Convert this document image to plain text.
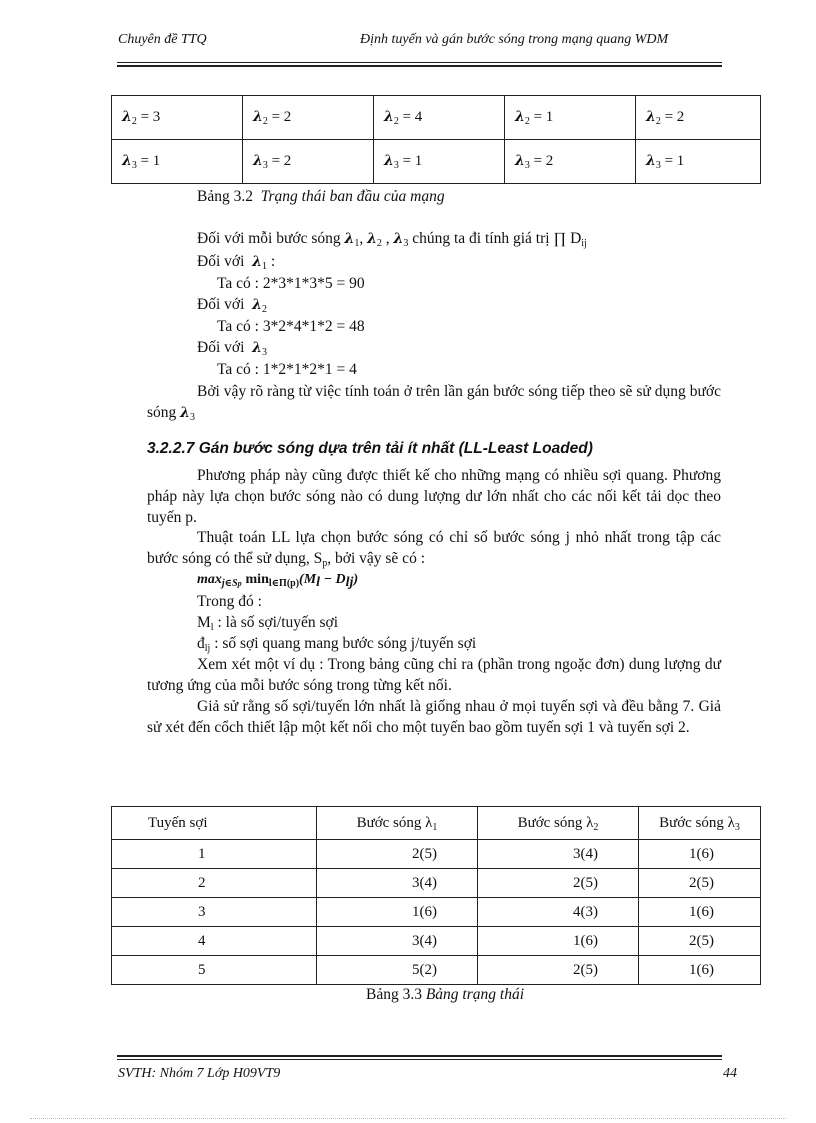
Chuyên đề TTQ	Định tuyến và gán bước sóng trong mạng quang WDM
$\lambda_2 = 3$	$\lambda_2 = 2$	$\lambda_2 = 4$	$\lambda_2 = 1$	$\lambda_2 = 2$
$\lambda_3 = 1$	$\lambda_3 = 2$	$\lambda_3 = 1$	$\lambda_3 = 2$	$\lambda_3 = 1$
Bảng 3.2 Trạng thái ban đầu của mạng
Đối với mỗi bước sóng $\lambda_1$, $\lambda_2$ , $\lambda_3$ chúng ta đi tính giá trị ∏ $D_{ij}$
Đối với $\lambda_1$ :
Ta có : 2*3*1*3*5 = 90
Đối với $\lambda_2$
Ta có : 3*2*4*1*2 = 48
Đối với $\lambda_3$
Ta có : 1*2*1*2*1 = 4
Bởi vậy rõ ràng từ việc tính toán ở trên lần gán bước sóng tiếp theo sẽ sử dụng bước sóng $\lambda_3$
3.2.2.7 Gán bước sóng dựa trên tải ít nhất (LL-Least Loaded)
Phương pháp này cũng được thiết kế cho những mạng có nhiều sợi quang. Phương pháp này lựa chọn bước sóng nào có dung lượng dư lớn nhất cho các nối kết tải dọc theo tuyến p.
Thuật toán LL lựa chọn bước sóng có chỉ số bước sóng j nhỏ nhất trong tập các bước sóng có thể sử dụng, $S_p$, bởi vậy sẽ có :
$\max_{j\in Sp} \min_{l\in\Pi(p)}(M_l - D_{lj})$
Trong đó :
$M_l$ : là số sợi/tuyến sợi
$đ_{lj}$ : số sợi quang mang bước sóng j/tuyến sợi
Xem xét một ví dụ : Trong bảng cũng chỉ ra (phần trong ngoặc đơn) dung lượng dư tương ứng của mỗi bước sóng trong từng kết nối.
Giả sử rằng số sợi/tuyến lớn nhất là giống nhau ở mọi tuyến sợi và đều bằng 7. Giả sử xét đến cổch thiết lập một kết nối cho một tuyến bao gồm tuyến sợi 1 và tuyến sợi 2.
Tuyến sợi	Bước sóng $\lambda_1$	Bước sóng $\lambda_2$	Bước sóng $\lambda_3$
1	2(5)	3(4)	1(6)
2	3(4)	2(5)	2(5)
3	1(6)	4(3)	1(6)
4	3(4)	1(6)	2(5)
5	5(2)	2(5)	1(6)
Bảng 3.3 Bảng trạng thái
SVTH: Nhóm 7 Lớp H09VT9	44
